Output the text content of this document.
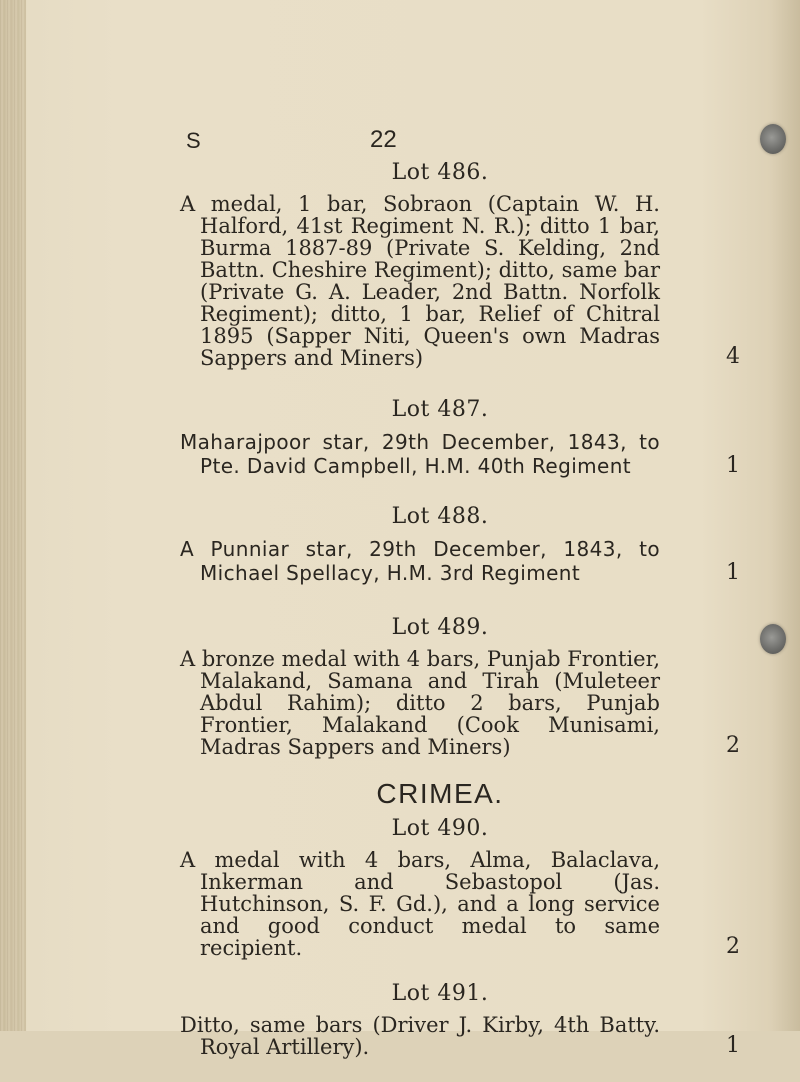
S	22
Lot 486.

A medal, 1 bar, Sobraon (Captain W. H. Halford, 41st Regiment N. R.); ditto 1 bar, Burma 1887-89 (Private S. Kelding, 2nd Battn. Cheshire Regiment); ditto, same bar (Private G. A. Leader, 2nd Battn. Norfolk Regiment); ditto, 1 bar, Relief of Chitral 1895 (Sapper Niti, Queen's own Madras Sappers and Miners)	4
Lot 487.

Maharajpoor star, 29th December, 1843, to Pte. David Campbell, H.M. 40th Regiment	1
Lot 488.

A Punniar star, 29th December, 1843, to Michael Spellacy, H.M. 3rd Regiment	1
Lot 489.

A bronze medal with 4 bars, Punjab Frontier, Malakand, Samana and Tirah (Muleteer Abdul Rahim); ditto 2 bars, Punjab Frontier, Malakand (Cook Munisami, Madras Sappers and Miners)	2
CRIMEA.
Lot 490.

A medal with 4 bars, Alma, Balaclava, Inkerman and Sebastopol (Jas. Hutchinson, S. F. Gd.), and a long service and good conduct medal to same recipient.	2
Lot 491.

Ditto, same bars (Driver J. Kirby, 4th Batty. Royal Artillery).	1
